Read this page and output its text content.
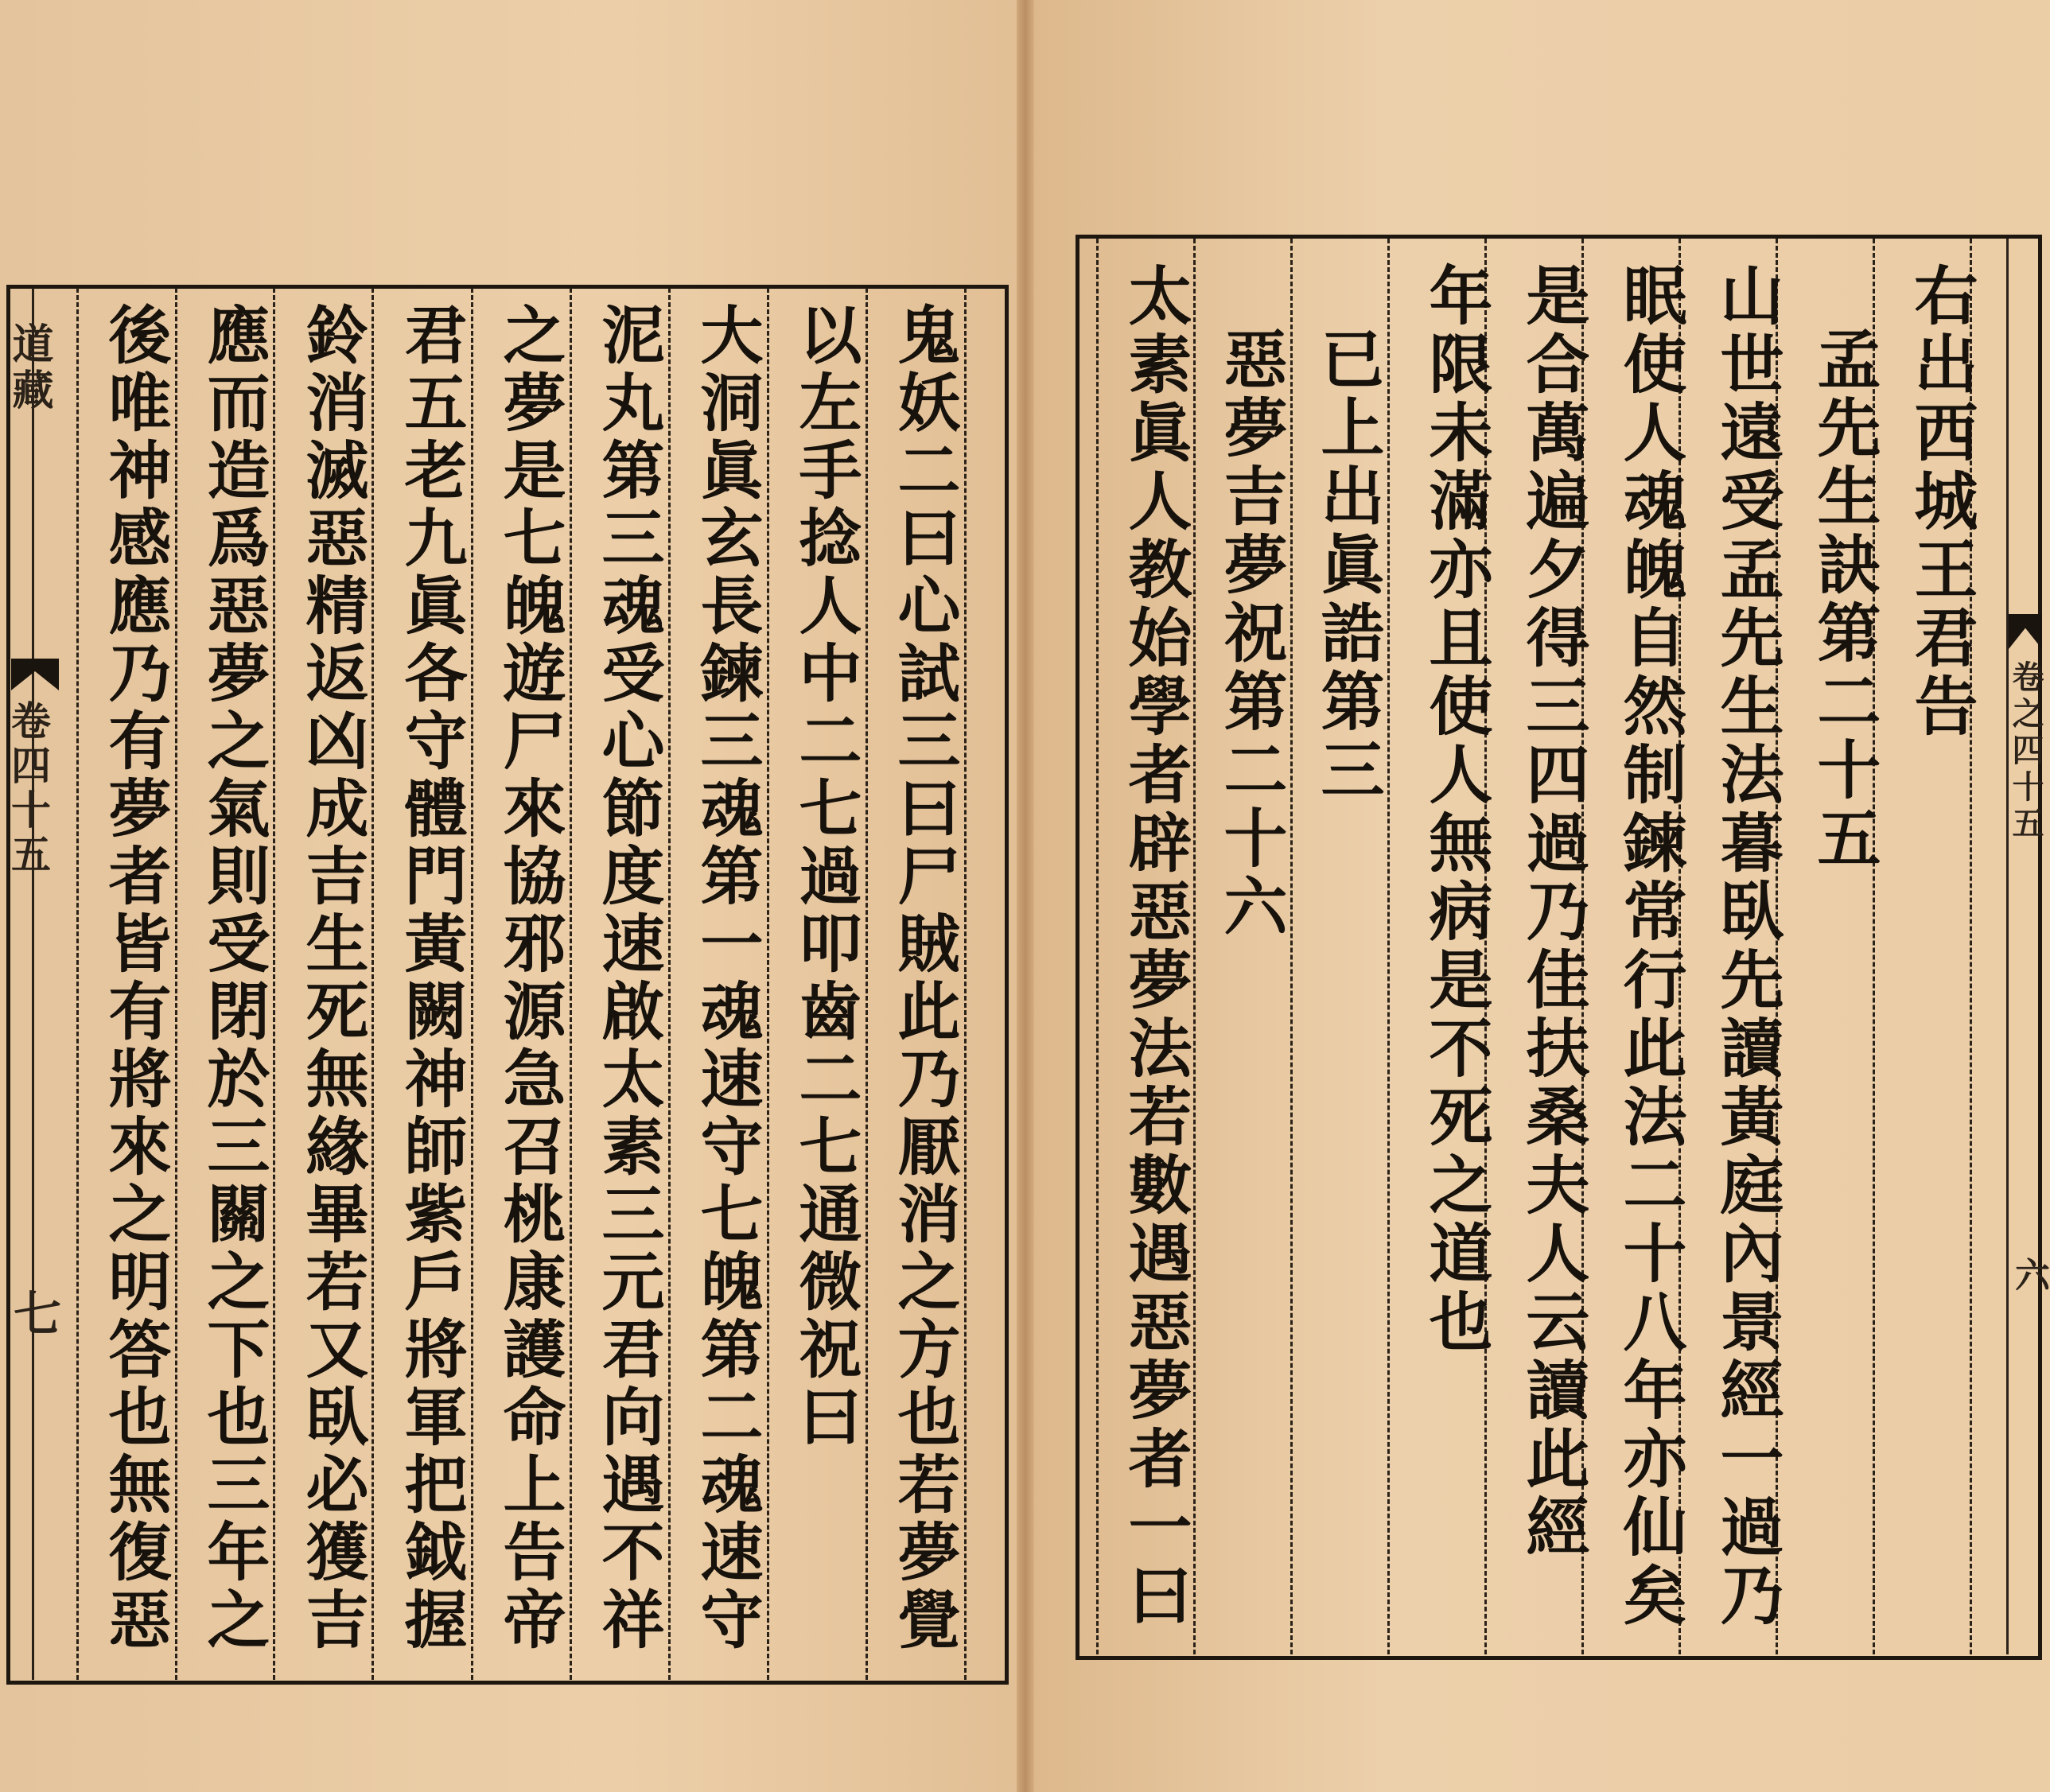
道藏
卷四十五
七	鬼妖二曰心試三曰尸賊此乃厭消之方也若夢覺
以左手捻人中二七過叩齒二七通微祝曰
大洞眞玄長鍊三魂第一魂速守七魄第二魂速守
泥丸第三魂受心節度速啟太素三元君向遇不祥
之夢是七魄遊尸來協邪源急召桃康護命上告帝
君五老九眞各守體門黃闕神師紫戶將軍把鉞握
鈴消滅惡精返凶成吉生死無緣畢若又臥必獲吉
應而造爲惡夢之氣則受閉於三關之下也三年之
後唯神感應乃有夢者皆有將來之明答也無復惡	卷之四十五
六
右出西城王君告
孟先生訣第二十五
山世遠受孟先生法暮臥先讀黃庭內景經一過乃
眠使人魂魄自然制鍊常行此法二十八年亦仙矣
是合萬遍夕得三四過乃佳扶桑夫人云讀此經
年限未滿亦且使人無病是不死之道也
已上出眞誥第三
惡夢吉夢祝第二十六
太素眞人教始學者辟惡夢法若數遇惡夢者一曰
